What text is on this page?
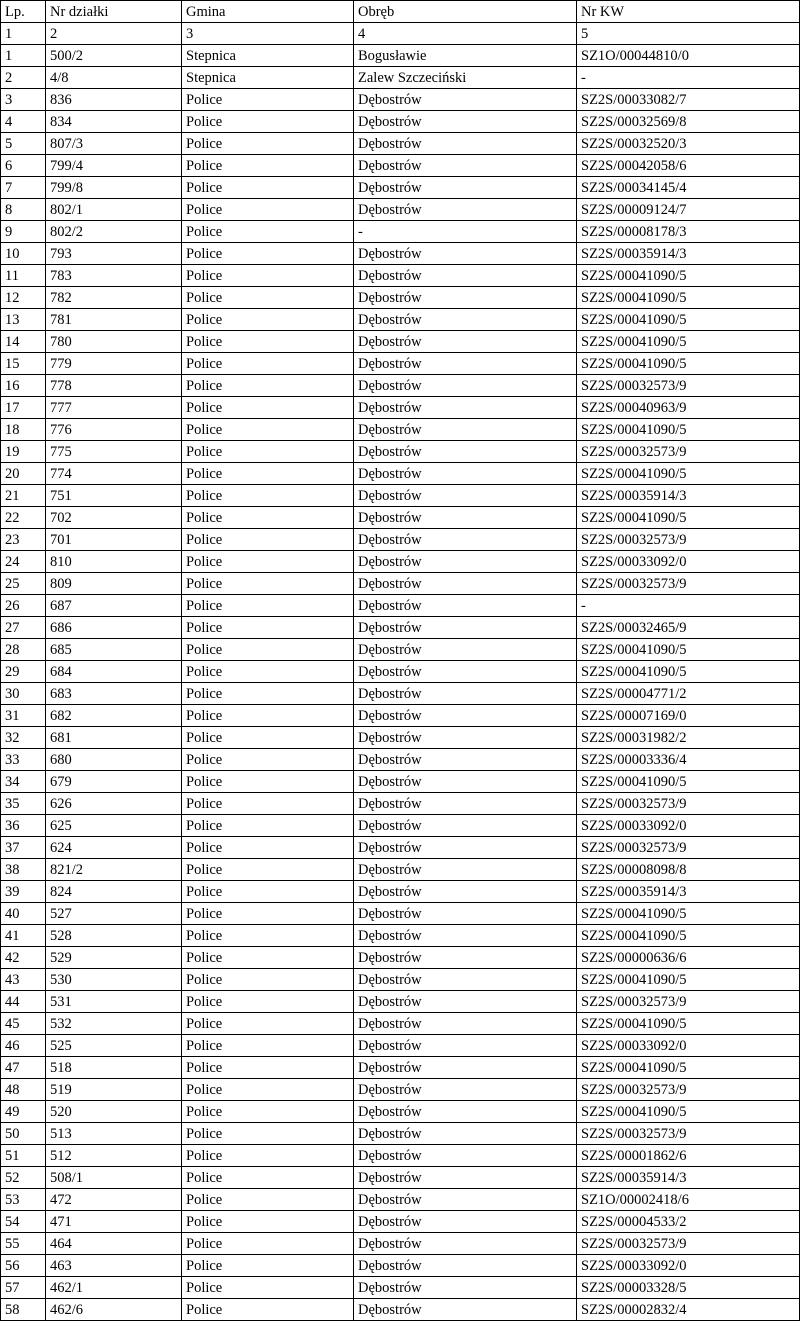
Lp.	Nr działki	Gmina	Obręb	Nr KW
1	2	3	4	5
1	500/2	Stepnica	Bogusławie	SZ1O/00044810/0
2	4/8	Stepnica	Zalew Szczeciński	-
3	836	Police	Dębostrów	SZ2S/00033082/7
4	834	Police	Dębostrów	SZ2S/00032569/8
5	807/3	Police	Dębostrów	SZ2S/00032520/3
6	799/4	Police	Dębostrów	SZ2S/00042058/6
7	799/8	Police	Dębostrów	SZ2S/00034145/4
8	802/1	Police	Dębostrów	SZ2S/00009124/7
9	802/2	Police	-	SZ2S/00008178/3
10	793	Police	Dębostrów	SZ2S/00035914/3
11	783	Police	Dębostrów	SZ2S/00041090/5
12	782	Police	Dębostrów	SZ2S/00041090/5
13	781	Police	Dębostrów	SZ2S/00041090/5
14	780	Police	Dębostrów	SZ2S/00041090/5
15	779	Police	Dębostrów	SZ2S/00041090/5
16	778	Police	Dębostrów	SZ2S/00032573/9
17	777	Police	Dębostrów	SZ2S/00040963/9
18	776	Police	Dębostrów	SZ2S/00041090/5
19	775	Police	Dębostrów	SZ2S/00032573/9
20	774	Police	Dębostrów	SZ2S/00041090/5
21	751	Police	Dębostrów	SZ2S/00035914/3
22	702	Police	Dębostrów	SZ2S/00041090/5
23	701	Police	Dębostrów	SZ2S/00032573/9
24	810	Police	Dębostrów	SZ2S/00033092/0
25	809	Police	Dębostrów	SZ2S/00032573/9
26	687	Police	Dębostrów	-
27	686	Police	Dębostrów	SZ2S/00032465/9
28	685	Police	Dębostrów	SZ2S/00041090/5
29	684	Police	Dębostrów	SZ2S/00041090/5
30	683	Police	Dębostrów	SZ2S/00004771/2
31	682	Police	Dębostrów	SZ2S/00007169/0
32	681	Police	Dębostrów	SZ2S/00031982/2
33	680	Police	Dębostrów	SZ2S/00003336/4
34	679	Police	Dębostrów	SZ2S/00041090/5
35	626	Police	Dębostrów	SZ2S/00032573/9
36	625	Police	Dębostrów	SZ2S/00033092/0
37	624	Police	Dębostrów	SZ2S/00032573/9
38	821/2	Police	Dębostrów	SZ2S/00008098/8
39	824	Police	Dębostrów	SZ2S/00035914/3
40	527	Police	Dębostrów	SZ2S/00041090/5
41	528	Police	Dębostrów	SZ2S/00041090/5
42	529	Police	Dębostrów	SZ2S/00000636/6
43	530	Police	Dębostrów	SZ2S/00041090/5
44	531	Police	Dębostrów	SZ2S/00032573/9
45	532	Police	Dębostrów	SZ2S/00041090/5
46	525	Police	Dębostrów	SZ2S/00033092/0
47	518	Police	Dębostrów	SZ2S/00041090/5
48	519	Police	Dębostrów	SZ2S/00032573/9
49	520	Police	Dębostrów	SZ2S/00041090/5
50	513	Police	Dębostrów	SZ2S/00032573/9
51	512	Police	Dębostrów	SZ2S/00001862/6
52	508/1	Police	Dębostrów	SZ2S/00035914/3
53	472	Police	Dębostrów	SZ1O/00002418/6
54	471	Police	Dębostrów	SZ2S/00004533/2
55	464	Police	Dębostrów	SZ2S/00032573/9
56	463	Police	Dębostrów	SZ2S/00033092/0
57	462/1	Police	Dębostrów	SZ2S/00003328/5
58	462/6	Police	Dębostrów	SZ2S/00002832/4
